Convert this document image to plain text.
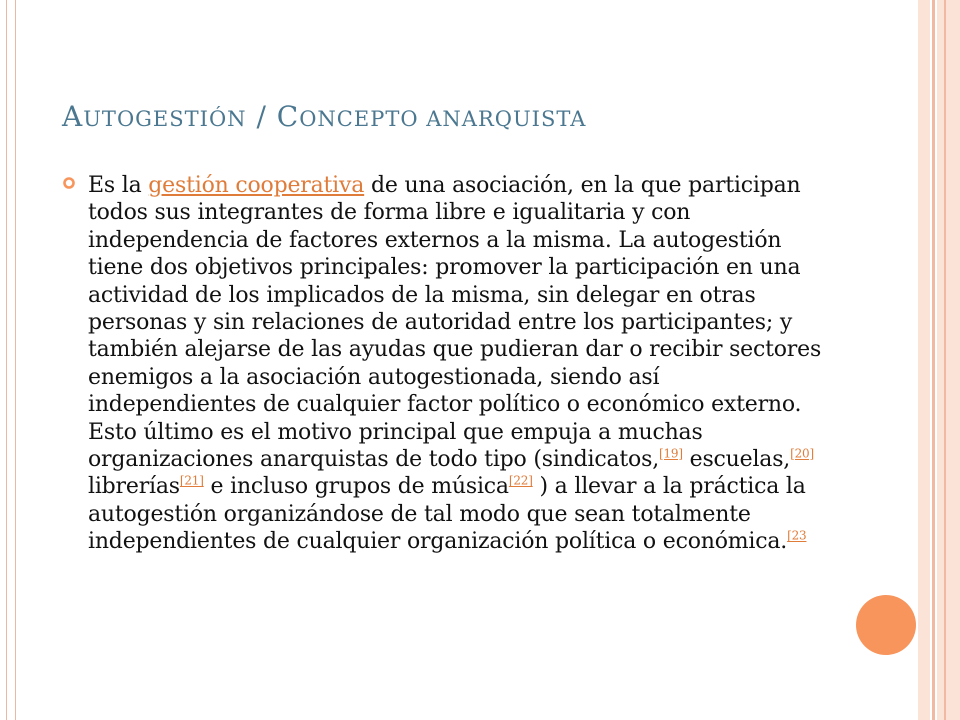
AUTOGESTIÓN / CONCEPTO ANARQUISTA
Es la gestión cooperativa de una asociación, en la que participan todos sus integrantes de forma libre e igualitaria y con independencia de factores externos a la misma. La autogestión tiene dos objetivos principales: promover la participación en una actividad de los implicados de la misma, sin delegar en otras personas y sin relaciones de autoridad entre los participantes; y también alejarse de las ayudas que pudieran dar o recibir sectores enemigos a la asociación autogestionada, siendo así independientes de cualquier factor político o económico externo. Esto último es el motivo principal que empuja a muchas organizaciones anarquistas de todo tipo (sindicatos,[19] escuelas,[20] librerías[21] e incluso grupos de música[22] ) a llevar a la práctica la autogestión organizándose de tal modo que sean totalmente independientes de cualquier organización política o económica.$^{[23}$
